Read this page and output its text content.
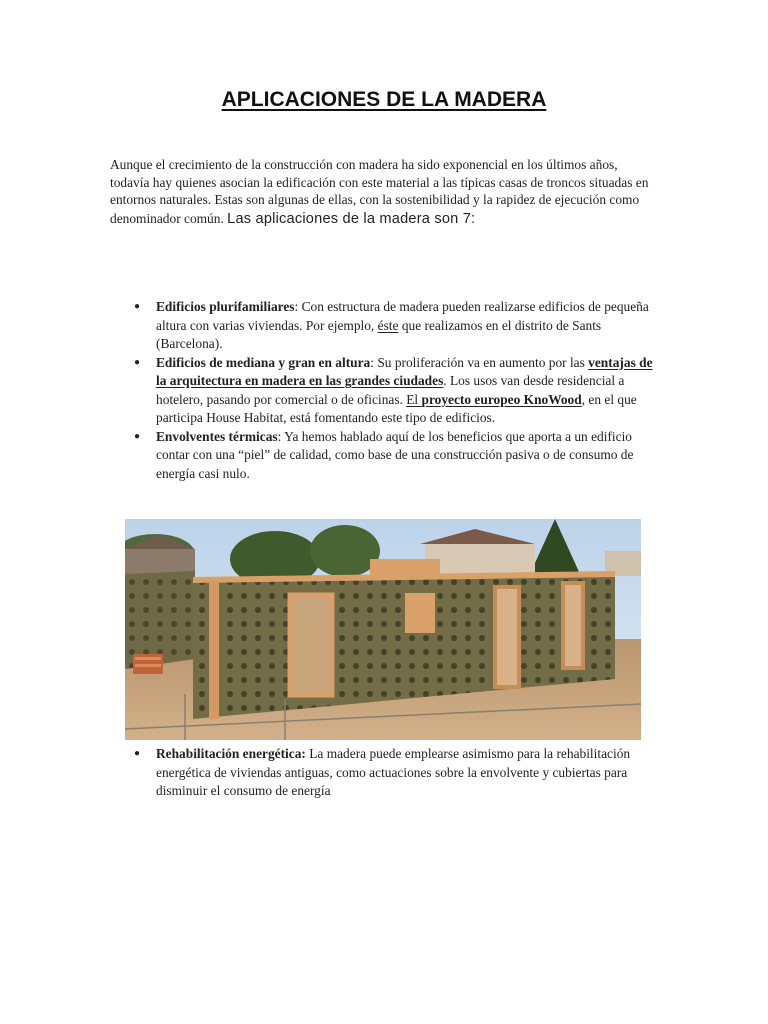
APLICACIONES DE LA MADERA

Aunque el crecimiento de la construcción con madera ha sido exponencial en los últimos años, todavía hay quienes asocian la edificación con este material a las típicas casas de troncos situadas en entornos naturales. Estas son algunas de ellas, con la sostenibilidad y la rapidez de ejecución como denominador común. Las aplicaciones de la madera son 7:

● Edificios plurifamiliares: Con estructura de madera pueden realizarse edificios de pequeña altura con varias viviendas. Por ejemplo, éste que realizamos en el distrito de Sants (Barcelona).
● Edificios de mediana y gran en altura: Su proliferación va en aumento por las ventajas de la arquitectura en madera en las grandes ciudades. Los usos van desde residencial a hotelero, pasando por comercial o de oficinas. El proyecto europeo KnoWood, en el que participa House Habitat, está fomentando este tipo de edificios.
● Envolventes térmicas: Ya hemos hablado aquí de los beneficios que aporta a un edificio contar con una “piel” de calidad, como base de una construcción pasiva o de consumo de energía casi nulo.
● Rehabilitación energética: La madera puede emplearse asimismo para la rehabilitación energética de viviendas antiguas, como actuaciones sobre la envolvente y cubiertas para disminuir el consumo de energía
